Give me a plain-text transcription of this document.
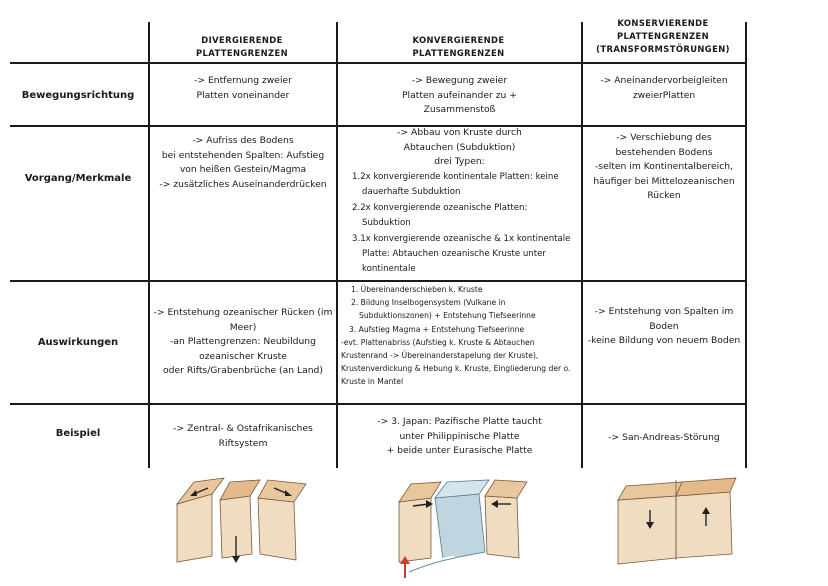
DIVERGIERENDE
PLATTENGRENZEN
KONVERGIERENDE
PLATTENGRENZEN
KONSERVIERENDE
PLATTENGRENZEN
(TRANSFORMSTÖRUNGEN)
Bewegungsrichtung
Vorgang/Merkmale
Auswirkungen
Beispiel
-> Entfernung zweier
Platten voneinander
-> Bewegung zweier
Platten aufeinander zu +
Zusammenstoß
-> Aneinandervorbeigleiten
zweierPlatten
-> Aufriss des Bodens
bei entstehenden Spalten: Aufstieg
von heißen Gestein/Magma
-> zusätzliches Auseinanderdrücken
-> Abbau von Kruste durch
Abtauchen (Subduktion)
drei Typen:
1.2x konvergierende kontinentale Platten: keine
dauerhafte Subduktion
2.2x konvergierende ozeanische Platten:
Subduktion
3.1x konvergierende ozeanische & 1x kontinentale
Platte: Abtauchen ozeanische Kruste unter
kontinentale
-> Verschiebung des
bestehenden Bodens
-selten im Kontinentalbereich,
häufiger bei Mittelozeanischen
Rücken
-> Entstehung ozeanischer Rücken (im
Meer)
-an Plattengrenzen: Neubildung
ozeanischer Kruste
oder Rifts/Grabenbrüche (an Land)
1. Übereinanderschieben k. Kruste
2. Bildung Inselbogensystem (Vulkane in
Subduktionszonen) + Entstehung Tiefseerinne
3. Aufstieg Magma + Entstehung Tiefseerinne
-evt. Plattenabriss (Aufstieg k. Kruste & Abtauchen
Krustenrand -> Übereinanderstapelung der Kruste),
Krustenverdickung & Hebung k. Kruste, Eingliederung der o.
Kruste in Mantel
-> Entstehung von Spalten im
Boden
-keine Bildung von neuem Boden
-> Zentral- & Ostafrikanisches
Riftsystem
-> 3. Japan: Pazifische Platte taucht
unter Philippinische Platte
+ beide unter Eurasische Platte
-> San-Andreas-Störung
